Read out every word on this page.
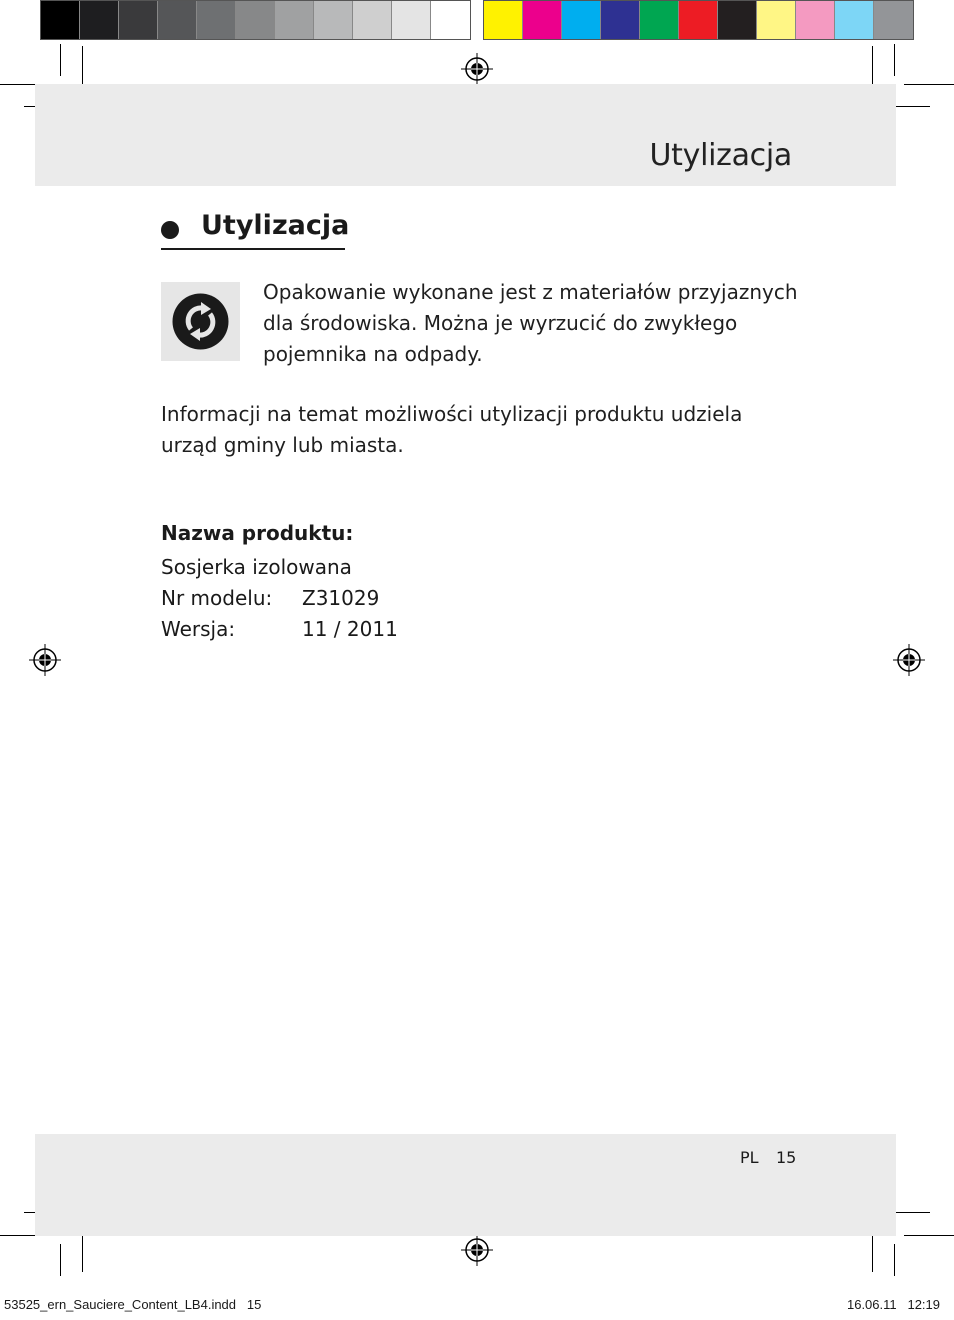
Utylizacja
Utylizacja
Opakowanie wykonane jest z materiałów przyjaznych dla środowiska. Można je wyrzucić do zwykłego pojemnika na odpady.
Informacji na temat możliwości utylizacji produktu udziela urząd gminy lub miasta.
Nazwa produktu:
Sosjerka izolowana
Nr modelu: Z31029
Wersja:	11 / 2011
PL 15
53525_ern_Sauciere_Content_LB4.indd   15	16.06.11   12:19
